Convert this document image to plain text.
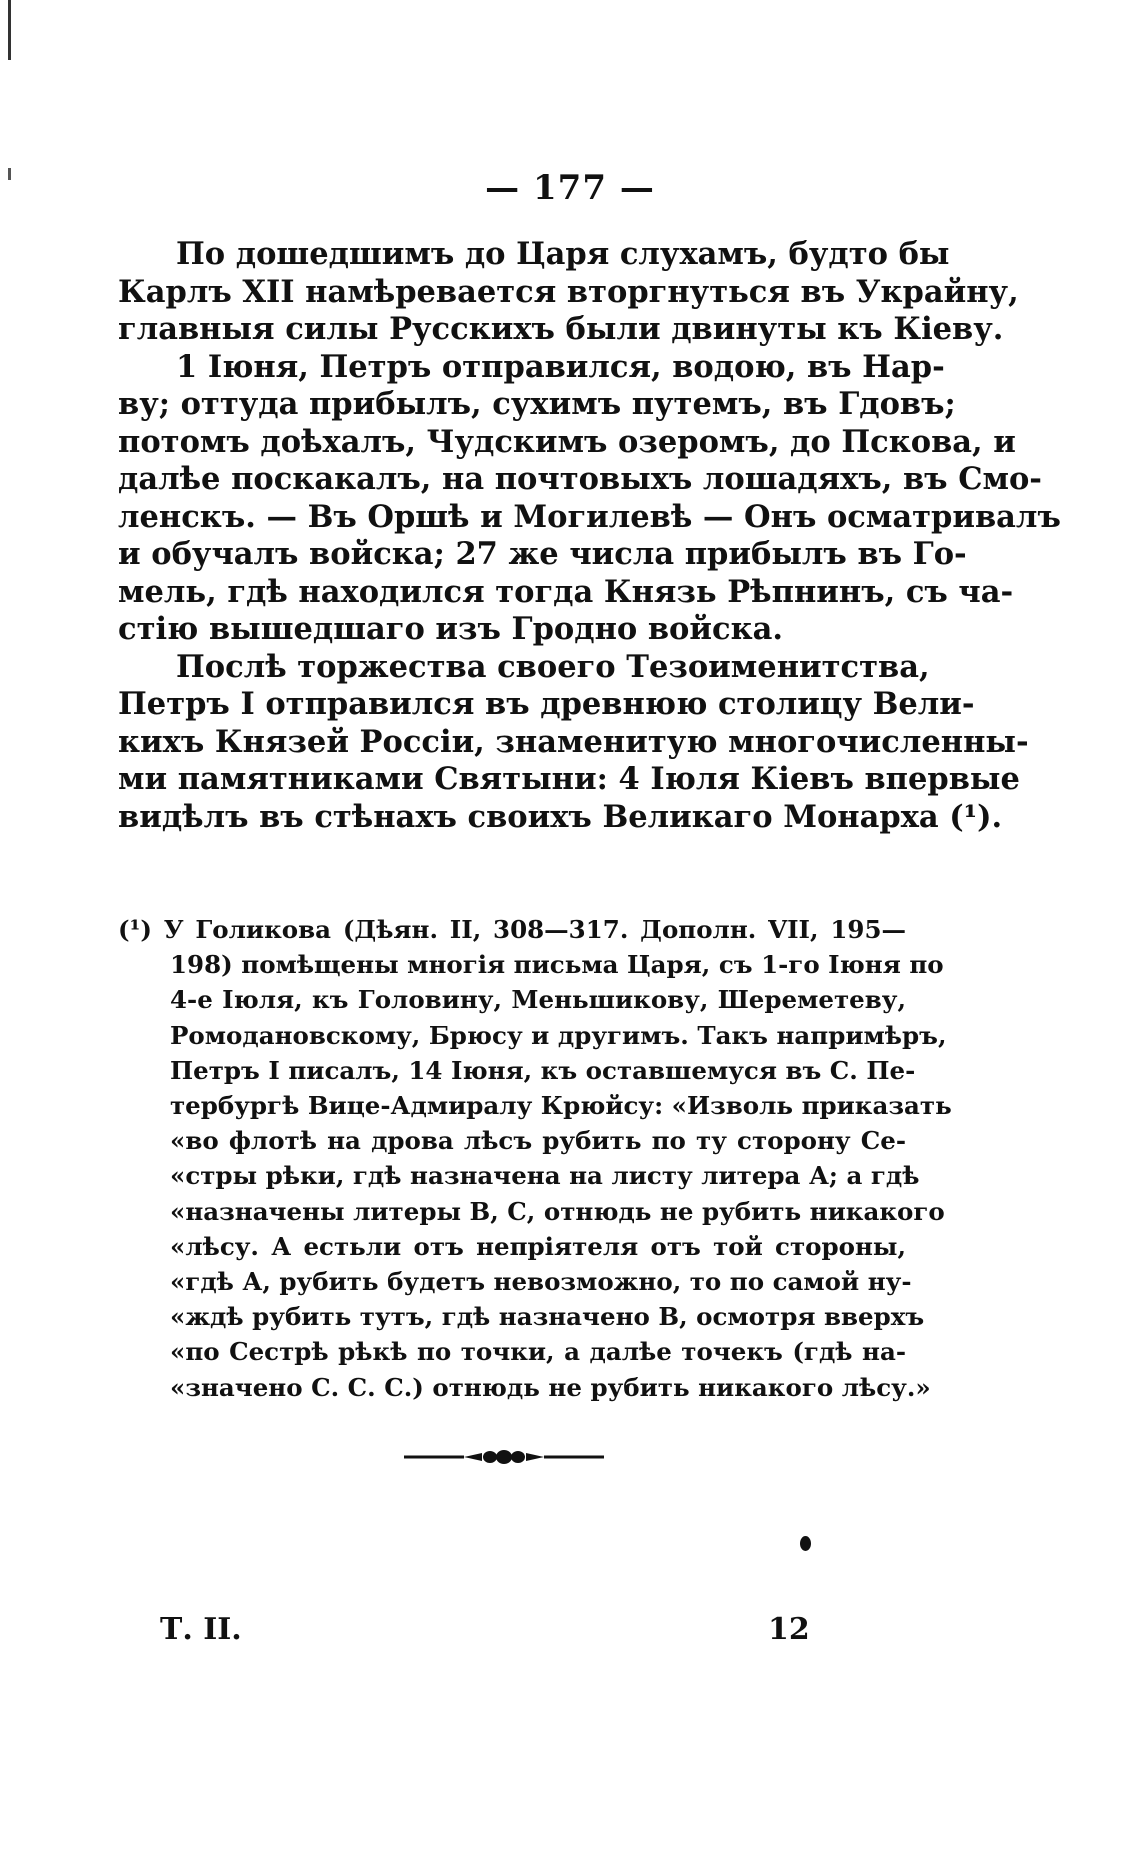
— 177 —
По дошедшимъ до Царя слухамъ, будто бы
Карлъ XII намѣревается вторгнуться въ Украйну,
главныя силы Русскихъ были двинуты къ Кіеву.
1 Іюня, Петръ отправился, водою, въ Нар-
ву; оттуда прибылъ, сухимъ путемъ, въ Гдовъ;
потомъ доѣхалъ, Чудскимъ озеромъ, до Пскова, и
далѣе поскакалъ, на почтовыхъ лошадяхъ, въ Смо-
ленскъ. — Въ Оршѣ и Могилевѣ — Онъ осматривалъ
и обучалъ войска; 27 же числа прибылъ въ Го-
мель, гдѣ находился тогда Князь Рѣпнинъ, съ ча-
стію вышедшаго изъ Гродно войска.
Послѣ торжества своего Тезоименитства,
Петръ I отправился въ древнюю столицу Вели-
кихъ Князей Россіи, знаменитую многочисленны-
ми памятниками Святыни: 4 Іюля Кіевъ впервые
видѣлъ въ стѣнахъ своихъ Великаго Монарха (¹).
(¹) У Голикова (Дѣян. II, 308—317. Дополн. VII, 195—
198) помѣщены многія письма Царя, съ 1-го Іюня по
4-е Іюля, къ Головину, Меньшикову, Шереметеву,
Ромодановскому, Брюсу и другимъ. Такъ напримѣръ,
Петръ I писалъ, 14 Іюня, къ оставшемуся въ С. Пе-
тербургѣ Вице-Адмиралу Крюйсу: «Изволь приказать
«во флотѣ на дрова лѣсъ рубить по ту сторону Се-
«стры рѣки, гдѣ назначена на листу литера А; а гдѣ
«назначены литеры В, С, отнюдь не рубить никакого
«лѣсу. А естьли отъ непріятеля отъ той стороны,
«гдѣ А, рубить будетъ невозможно, то по самой ну-
«ждѣ рубить тутъ, гдѣ назначено В, осмотря вверхъ
«по Сестрѣ рѣкѣ по точки, а далѣе точекъ (гдѣ на-
«значено С. С. С.) отнюдь не рубить никакого лѣсу.»
Т. II.	12
